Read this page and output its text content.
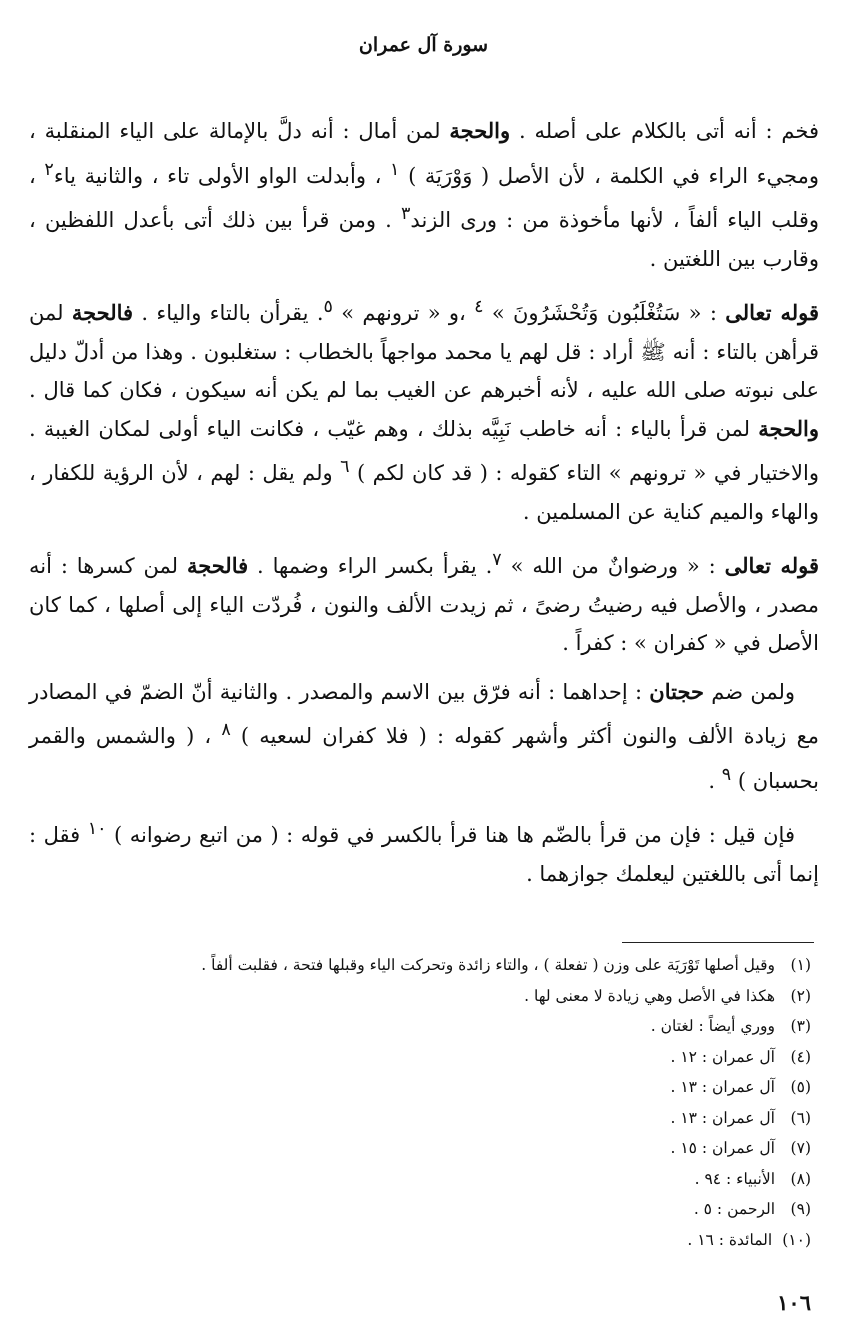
سورة آل عمران

فخم : أنه أتى بالكلام على أصله . والحجة لمن أمال : أنه دلَّ بالإمالة على الياء المنقلبة ، ومجيء الراء في الكلمة ، لأن الأصل ( وَوْرَيَة ) $^١$ ، وأبدلت الواو الأولى تاء ، والثانية ياء$^٢$ ، وقلب الياء ألفاً ، لأنها مأخوذة من : ورى الزند$^٣$ . ومن قرأ بين ذلك أتى بأعدل اللفظين ، وقارب بين اللغتين .

قوله تعالى : « سَتُغْلَبُون وَتُحْشَرُونَ » $^٤$ ،و « ترونهم » $^٥$. يقرأن بالتاء والياء . فالحجة لمن قرأهن بالتاء : أنه ﷺ أراد : قل لهم يا محمد مواجهاً بالخطاب : ستغلبون . وهذا من أدلّ دليل على نبوته صلى الله عليه ، لأنه أخبرهم عن الغيب بما لم يكن أنه سيكون ، فكان كما قال . والحجة لمن قرأ بالياء : أنه خاطب نَبِيَّه بذلك ، وهم غيّب ، فكانت الياء أولى لمكان الغيبة . والاختيار في « ترونهم » التاء كقوله : ( قد كان لكم ) $^٦$ ولم يقل : لهم ، لأن الرؤية للكفار ، والهاء والميم كناية عن المسلمين .

قوله تعالى : « ورضوانٌ من الله » $^٧$. يقرأ بكسر الراء وضمها . فالحجة لمن كسرها : أنه مصدر ، والأصل فيه رضيتُ رضىً ، ثم زيدت الألف والنون ، فُردّت الياء إلى أصلها ، كما كان الأصل في « كفران » : كفراً .

ولمن ضم حجتان : إحداهما : أنه فرّق بين الاسم والمصدر . والثانية أنّ الضمّ في المصادر مع زيادة الألف والنون أكثر وأشهر كقوله : ( فلا كفران لسعيه ) $^٨$ ، ( والشمس والقمر بحسبان ) $^٩$ .

فإن قيل : فإن من قرأ بالضّم ها هنا قرأ بالكسر في قوله : ( من اتبع رضوانه ) $^{١٠}$ فقل : إنما أتى باللغتين ليعلمك جوازهما .

(١)
وقيل أصلها تَوْرَيَة على وزن ( تفعلة ) ، والتاء زائدة وتحركت الياء وقبلها فتحة ، فقلبت ألفاً .
(٢)
هكذا في الأصل وهي زيادة لا معنى لها .
(٣)
ووري أيضاً : لغتان .
(٤)
آل عمران : ١٢ .
(٥)
آل عمران : ١٣ .
(٦)
آل عمران : ١٣ .
(٧)
آل عمران : ١٥ .
(٨)
الأنبياء : ٩٤ .
(٩)
الرحمن : ٥ .
(١٠)
المائدة : ١٦ .
١٠٦
